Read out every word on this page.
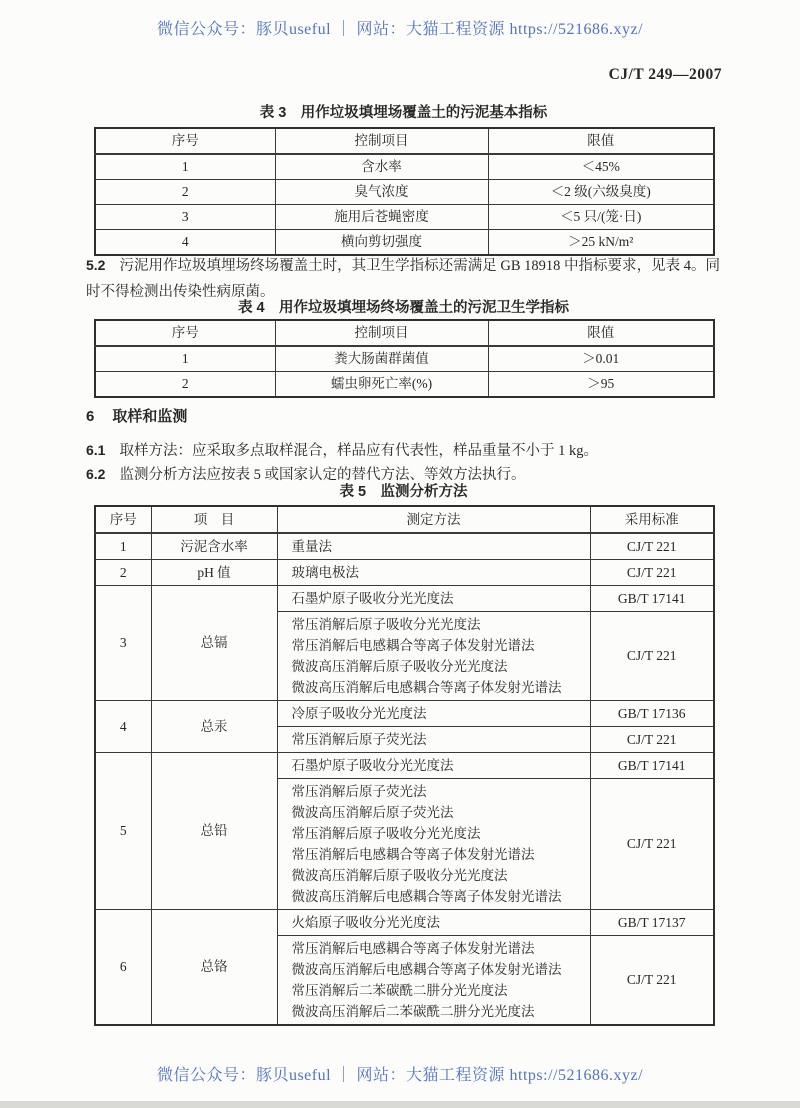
微信公众号：豚贝useful ｜ 网站：大猫工程资源 https://521686.xyz/
CJ/T 249—2007
表 3　用作垃圾填埋场覆盖土的污泥基本指标
序号	控制项目	限值
1	含水率	＜45%
2	臭气浓度	＜2 级(六级臭度)
3	施用后苍蝇密度	＜5 只/(笼·日)
4	横向剪切强度	＞25 kN/m²
5.2 污泥用作垃圾填埋场终场覆盖土时，其卫生学指标还需满足 GB 18918 中指标要求，见表 4。同时不得检测出传染性病原菌。
表 4　用作垃圾填埋场终场覆盖土的污泥卫生学指标
序号	控制项目	限值
1	粪大肠菌群菌值	＞0.01
2	蠕虫卵死亡率(%)	＞95
6 取样和监测
6.1 取样方法：应采取多点取样混合，样品应有代表性，样品重量不小于 1 kg。
6.2 监测分析方法应按表 5 或国家认定的替代方法、等效方法执行。
表 5　监测分析方法
序号	项　目	测定方法	采用标准
1	污泥含水率	重量法	CJ/T 221
2	pH 值	玻璃电极法	CJ/T 221
3	总镉	石墨炉原子吸收分光光度法	GB/T 17141

		常压消解后原子吸收分光光度法
常压消解后电感耦合等离子体发射光谱法
微波高压消解后原子吸收分光光度法
微波高压消解后电感耦合等离子体发射光谱法	CJ/T 221
4	总汞	冷原子吸收分光光度法	GB/T 17136

		常压消解后原子荧光法	CJ/T 221
5	总铅	石墨炉原子吸收分光光度法	GB/T 17141

常压消解后原子荧光法
微波高压消解后原子荧光法
常压消解后原子吸收分光光度法
常压消解后电感耦合等离子体发射光谱法
微波高压消解后原子吸收分光光度法
微波高压消解后电感耦合等离子体发射光谱法
	CJ/T 221
6	总铬	火焰原子吸收分光光度法	GB/T 17137

		常压消解后电感耦合等离子体发射光谱法
微波高压消解后电感耦合等离子体发射光谱法
常压消解后二苯碳酰二肼分光光度法
微波高压消解后二苯碳酰二肼分光光度法	CJ/T 221
微信公众号：豚贝useful ｜ 网站：大猫工程资源 https://521686.xyz/
